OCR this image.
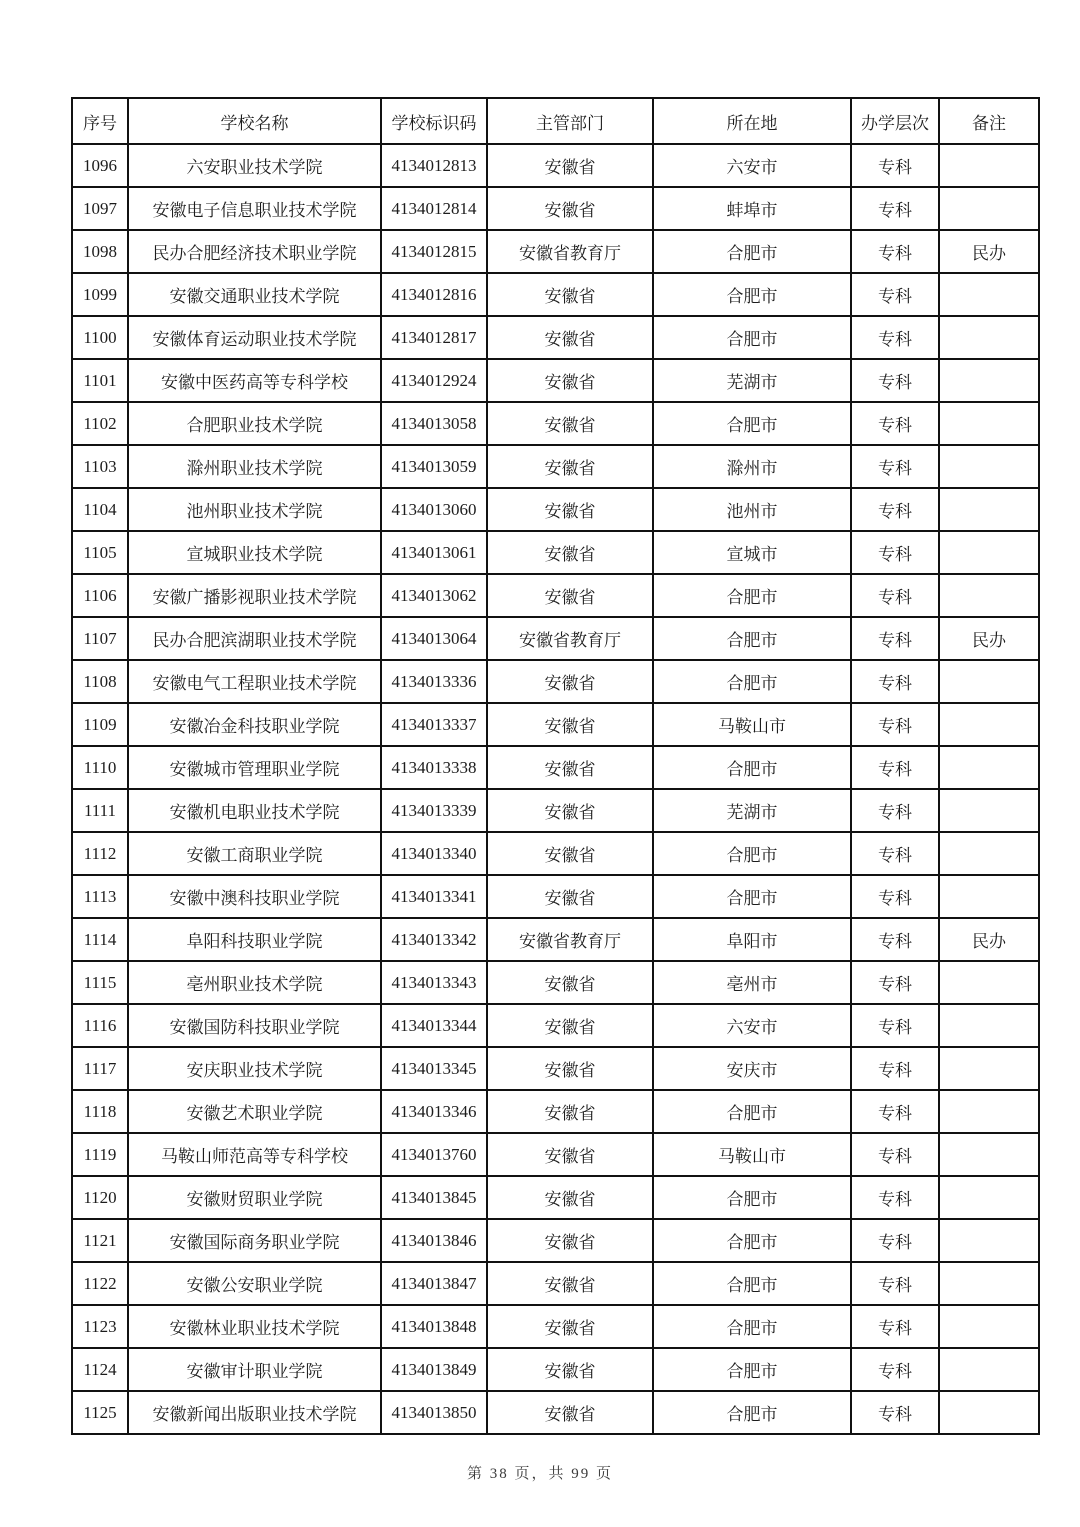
序号	学校名称	学校标识码	主管部门	所在地	办学层次	备注
1096	六安职业技术学院	4134012813	安徽省	六安市	专科	
1097	安徽电子信息职业技术学院	4134012814	安徽省	蚌埠市	专科	
1098	民办合肥经济技术职业学院	4134012815	安徽省教育厅	合肥市	专科	民办
1099	安徽交通职业技术学院	4134012816	安徽省	合肥市	专科	
1100	安徽体育运动职业技术学院	4134012817	安徽省	合肥市	专科	
1101	安徽中医药高等专科学校	4134012924	安徽省	芜湖市	专科	
1102	合肥职业技术学院	4134013058	安徽省	合肥市	专科	
1103	滁州职业技术学院	4134013059	安徽省	滁州市	专科	
1104	池州职业技术学院	4134013060	安徽省	池州市	专科	
1105	宣城职业技术学院	4134013061	安徽省	宣城市	专科	
1106	安徽广播影视职业技术学院	4134013062	安徽省	合肥市	专科	
1107	民办合肥滨湖职业技术学院	4134013064	安徽省教育厅	合肥市	专科	民办
1108	安徽电气工程职业技术学院	4134013336	安徽省	合肥市	专科	
1109	安徽冶金科技职业学院	4134013337	安徽省	马鞍山市	专科	
1110	安徽城市管理职业学院	4134013338	安徽省	合肥市	专科	
1111	安徽机电职业技术学院	4134013339	安徽省	芜湖市	专科	
1112	安徽工商职业学院	4134013340	安徽省	合肥市	专科	
1113	安徽中澳科技职业学院	4134013341	安徽省	合肥市	专科	
1114	阜阳科技职业学院	4134013342	安徽省教育厅	阜阳市	专科	民办
1115	亳州职业技术学院	4134013343	安徽省	亳州市	专科	
1116	安徽国防科技职业学院	4134013344	安徽省	六安市	专科	
1117	安庆职业技术学院	4134013345	安徽省	安庆市	专科	
1118	安徽艺术职业学院	4134013346	安徽省	合肥市	专科	
1119	马鞍山师范高等专科学校	4134013760	安徽省	马鞍山市	专科	
1120	安徽财贸职业学院	4134013845	安徽省	合肥市	专科	
1121	安徽国际商务职业学院	4134013846	安徽省	合肥市	专科	
1122	安徽公安职业学院	4134013847	安徽省	合肥市	专科	
1123	安徽林业职业技术学院	4134013848	安徽省	合肥市	专科	
1124	安徽审计职业学院	4134013849	安徽省	合肥市	专科	
1125	安徽新闻出版职业技术学院	4134013850	安徽省	合肥市	专科	
第 38 页，共 99 页
